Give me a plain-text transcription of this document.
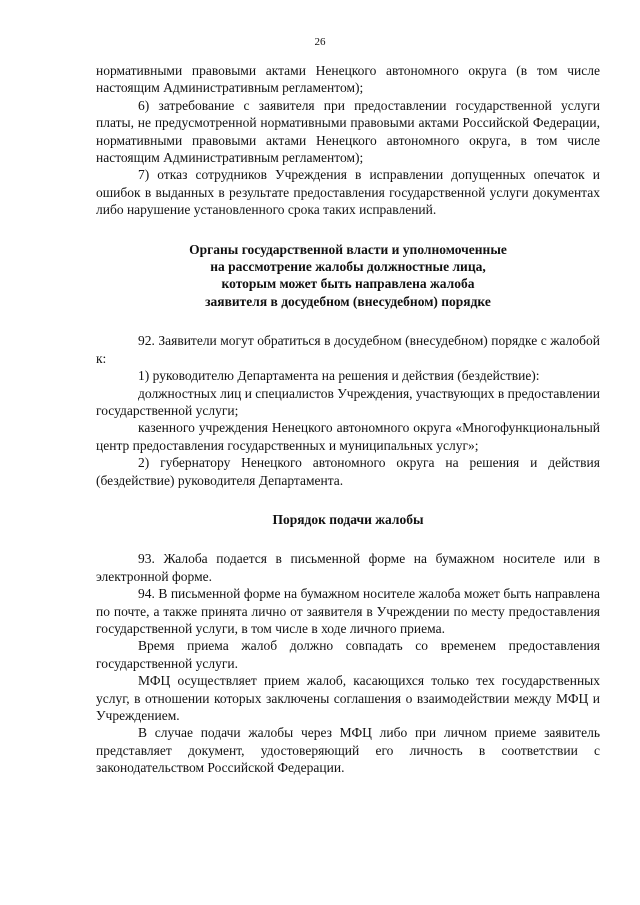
26

нормативными правовыми актами Ненецкого автономного округа (в том числе настоящим Административным регламентом);

6) затребование с заявителя при предоставлении государственной услуги платы, не предусмотренной нормативными правовыми актами Российской Федерации, нормативными правовыми актами Ненецкого автономного округа, в том числе настоящим Административным регламентом);

7) отказ сотрудников Учреждения в исправлении допущенных опечаток и ошибок в выданных в результате предоставления государственной услуги документах либо нарушение установленного срока таких исправлений.

Органы государственной власти и уполномоченные

на рассмотрение жалобы должностные лица,

которым может быть направлена жалоба

заявителя в досудебном (внесудебном) порядке

92. Заявители могут обратиться в досудебном (внесудебном) порядке с жалобой к:

1) руководителю Департамента на решения и действия (бездействие):

должностных лиц и специалистов Учреждения, участвующих в предоставлении государственной услуги;

казенного учреждения Ненецкого автономного округа «Многофункциональный центр предоставления государственных и муниципальных услуг»;

2) губернатору Ненецкого автономного округа на решения и действия (бездействие) руководителя Департамента.

Порядок подачи жалобы

93. Жалоба подается в письменной форме на бумажном носителе или в электронной форме.

94. В письменной форме на бумажном носителе жалоба может быть направлена по почте, а также принята лично от заявителя в Учреждении по месту предоставления государственной услуги, в том числе в ходе личного приема.

Время приема жалоб должно совпадать со временем предоставления государственной услуги.

МФЦ осуществляет прием жалоб, касающихся только тех государственных услуг, в отношении которых заключены соглашения о взаимодействии между МФЦ и Учреждением.

В случае подачи жалобы через МФЦ либо при личном приеме заявитель представляет документ, удостоверяющий его личность в соответствии с законодательством Российской Федерации.
